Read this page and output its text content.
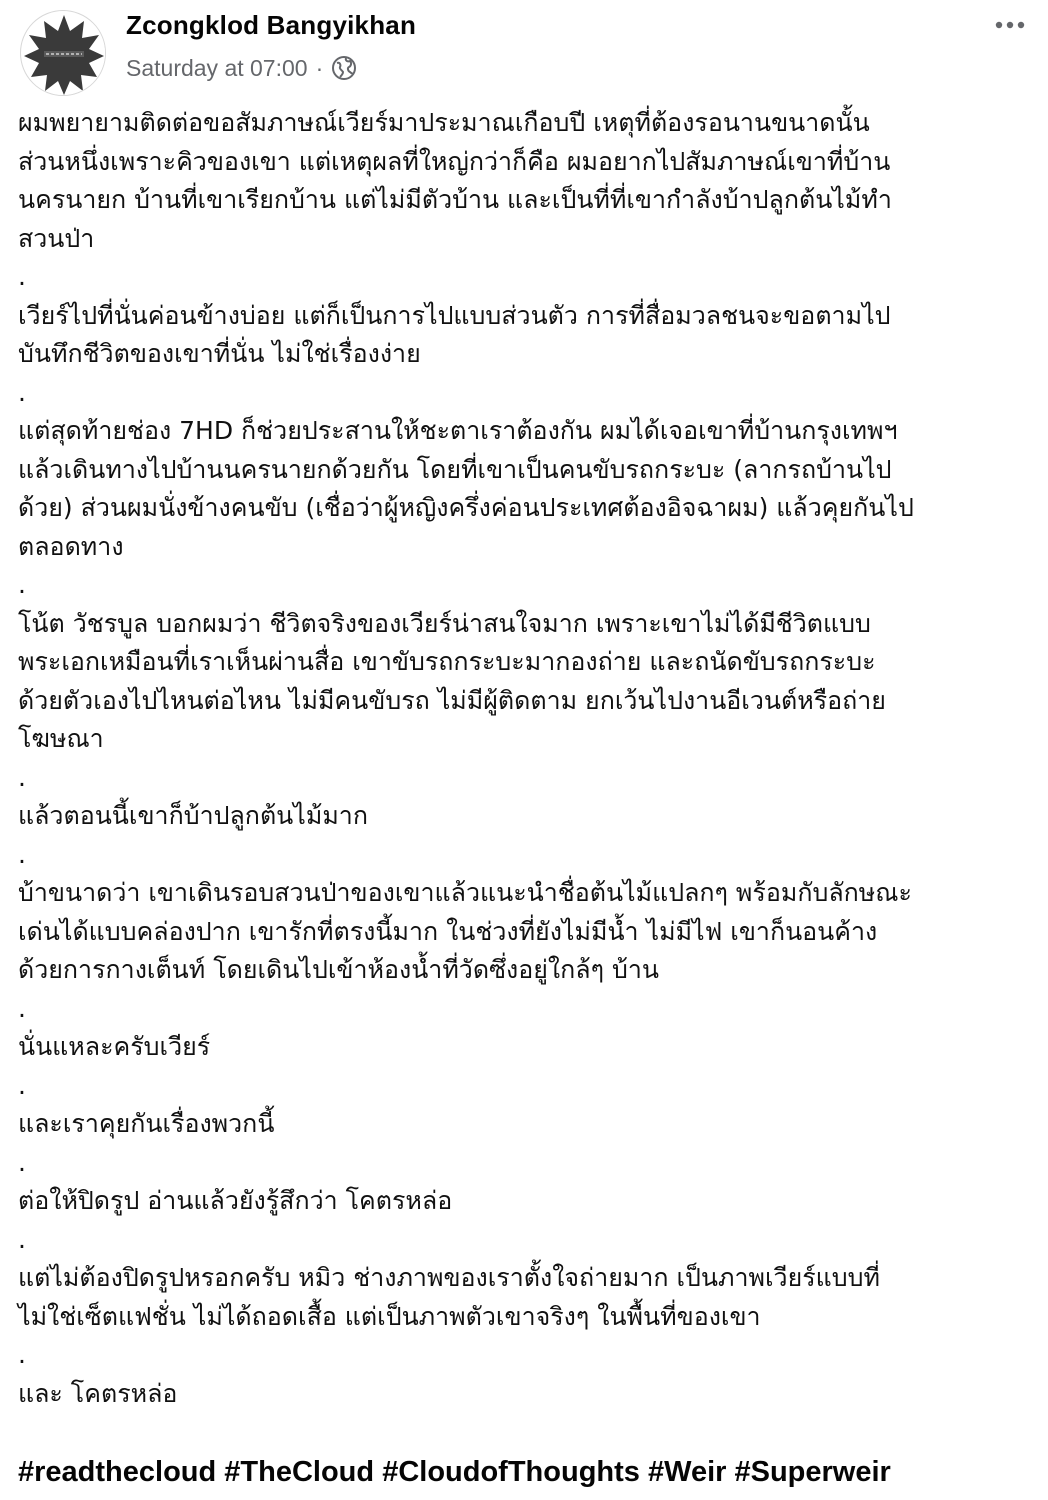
Zcongklod Bangyikhan
Saturday at 07:00 ·

ผมพยายามติดต่อขอสัมภาษณ์เวียร์มาประมาณเกือบปี เหตุที่ต้องรอนานขนาดนั้น
ส่วนหนึ่งเพราะคิวของเขา แต่เหตุผลที่ใหญ่กว่าก็คือ ผมอยากไปสัมภาษณ์เขาที่บ้าน
นครนายก บ้านที่เขาเรียกบ้าน แต่ไม่มีตัวบ้าน และเป็นที่ที่เขากำลังบ้าปลูกต้นไม้ทำ
สวนป่า

.

เวียร์ไปที่นั่นค่อนข้างบ่อย แต่ก็เป็นการไปแบบส่วนตัว การที่สื่อมวลชนจะขอตามไป
บันทึกชีวิตของเขาที่นั่น ไม่ใช่เรื่องง่าย

.

แต่สุดท้ายช่อง 7HD ก็ช่วยประสานให้ชะตาเราต้องกัน ผมได้เจอเขาที่บ้านกรุงเทพฯ
แล้วเดินทางไปบ้านนครนายกด้วยกัน โดยที่เขาเป็นคนขับรถกระบะ (ลากรถบ้านไป
ด้วย) ส่วนผมนั่งข้างคนขับ (เชื่อว่าผู้หญิงครึ่งค่อนประเทศต้องอิจฉาผม) แล้วคุยกันไป
ตลอดทาง

.

โน้ต วัชรบูล บอกผมว่า ชีวิตจริงของเวียร์น่าสนใจมาก เพราะเขาไม่ได้มีชีวิตแบบ
พระเอกเหมือนที่เราเห็นผ่านสื่อ เขาขับรถกระบะมากองถ่าย และถนัดขับรถกระบะ
ด้วยตัวเองไปไหนต่อไหน ไม่มีคนขับรถ ไม่มีผู้ติดตาม ยกเว้นไปงานอีเวนต์หรือถ่าย
โฆษณา

.

แล้วตอนนี้เขาก็บ้าปลูกต้นไม้มาก

.

บ้าขนาดว่า เขาเดินรอบสวนป่าของเขาแล้วแนะนำชื่อต้นไม้แปลกๆ พร้อมกับลักษณะ
เด่นได้แบบคล่องปาก เขารักที่ตรงนี้มาก ในช่วงที่ยังไม่มีน้ำ ไม่มีไฟ เขาก็นอนค้าง
ด้วยการกางเต็นท์ โดยเดินไปเข้าห้องน้ำที่วัดซึ่งอยู่ใกล้ๆ บ้าน

.

นั่นแหละครับเวียร์

.

และเราคุยกันเรื่องพวกนี้

.

ต่อให้ปิดรูป อ่านแล้วยังรู้สึกว่า โคตรหล่อ

.

แต่ไม่ต้องปิดรูปหรอกครับ หมิว ช่างภาพของเราตั้งใจถ่ายมาก เป็นภาพเวียร์แบบที่
ไม่ใช่เซ็ตแฟชั่น ไม่ได้ถอดเสื้อ แต่เป็นภาพตัวเขาจริงๆ ในพื้นที่ของเขา

.

และ โคตรหล่อ

#readthecloud #TheCloud #CloudofThoughts #Weir #Superweir
